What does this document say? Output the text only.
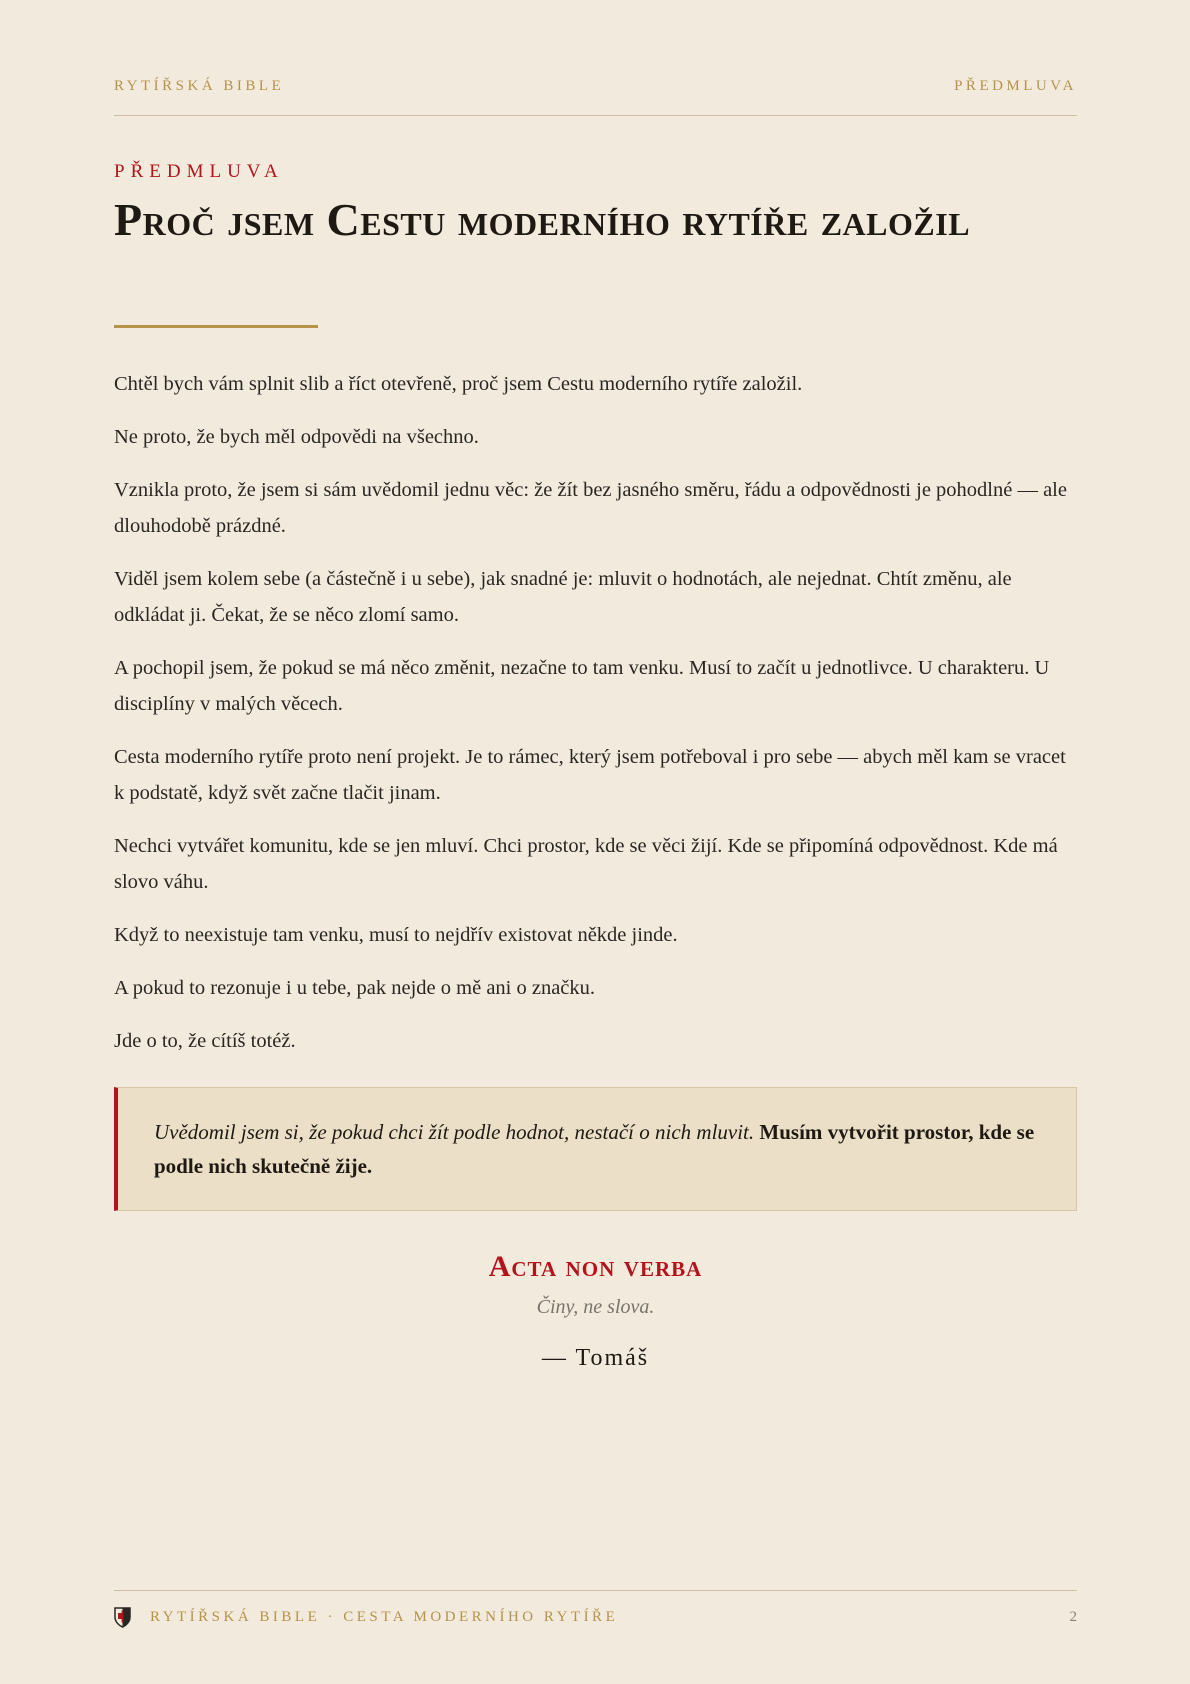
RYTÍŘSKÁ BIBLE	PŘEDMLUVA
PŘEDMLUVA
Proč jsem Cestu moderního rytíře založil

Chtěl bych vám splnit slib a říct otevřeně, proč jsem Cestu moderního rytíře založil.

Ne proto, že bych měl odpovědi na všechno.

Vznikla proto, že jsem si sám uvědomil jednu věc: že žít bez jasného směru, řádu a odpovědnosti je pohodlné — ale dlouhodobě prázdné.

Viděl jsem kolem sebe (a částečně i u sebe), jak snadné je: mluvit o hodnotách, ale nejednat. Chtít změnu, ale odkládat ji. Čekat, že se něco zlomí samo.

A pochopil jsem, že pokud se má něco změnit, nezačne to tam venku. Musí to začít u jednotlivce. U charakteru. U disciplíny v malých věcech.

Cesta moderního rytíře proto není projekt. Je to rámec, který jsem potřeboval i pro sebe — abych měl kam se vracet k podstatě, když svět začne tlačit jinam.

Nechci vytvářet komunitu, kde se jen mluví. Chci prostor, kde se věci žijí. Kde se připomíná odpovědnost. Kde má slovo váhu.

Když to neexistuje tam venku, musí to nejdřív existovat někde jinde.

A pokud to rezonuje i u tebe, pak nejde o mě ani o značku.

Jde o to, že cítíš totéž.

Uvědomil jsem si, že pokud chci žít podle hodnot, nestačí o nich mluvit. Musím vytvořit prostor, kde se podle nich skutečně žije.
Acta non verba
Činy, ne slova.
— Tomáš
RYTÍŘSKÁ BIBLE · CESTA MODERNÍHO RYTÍŘE	2
